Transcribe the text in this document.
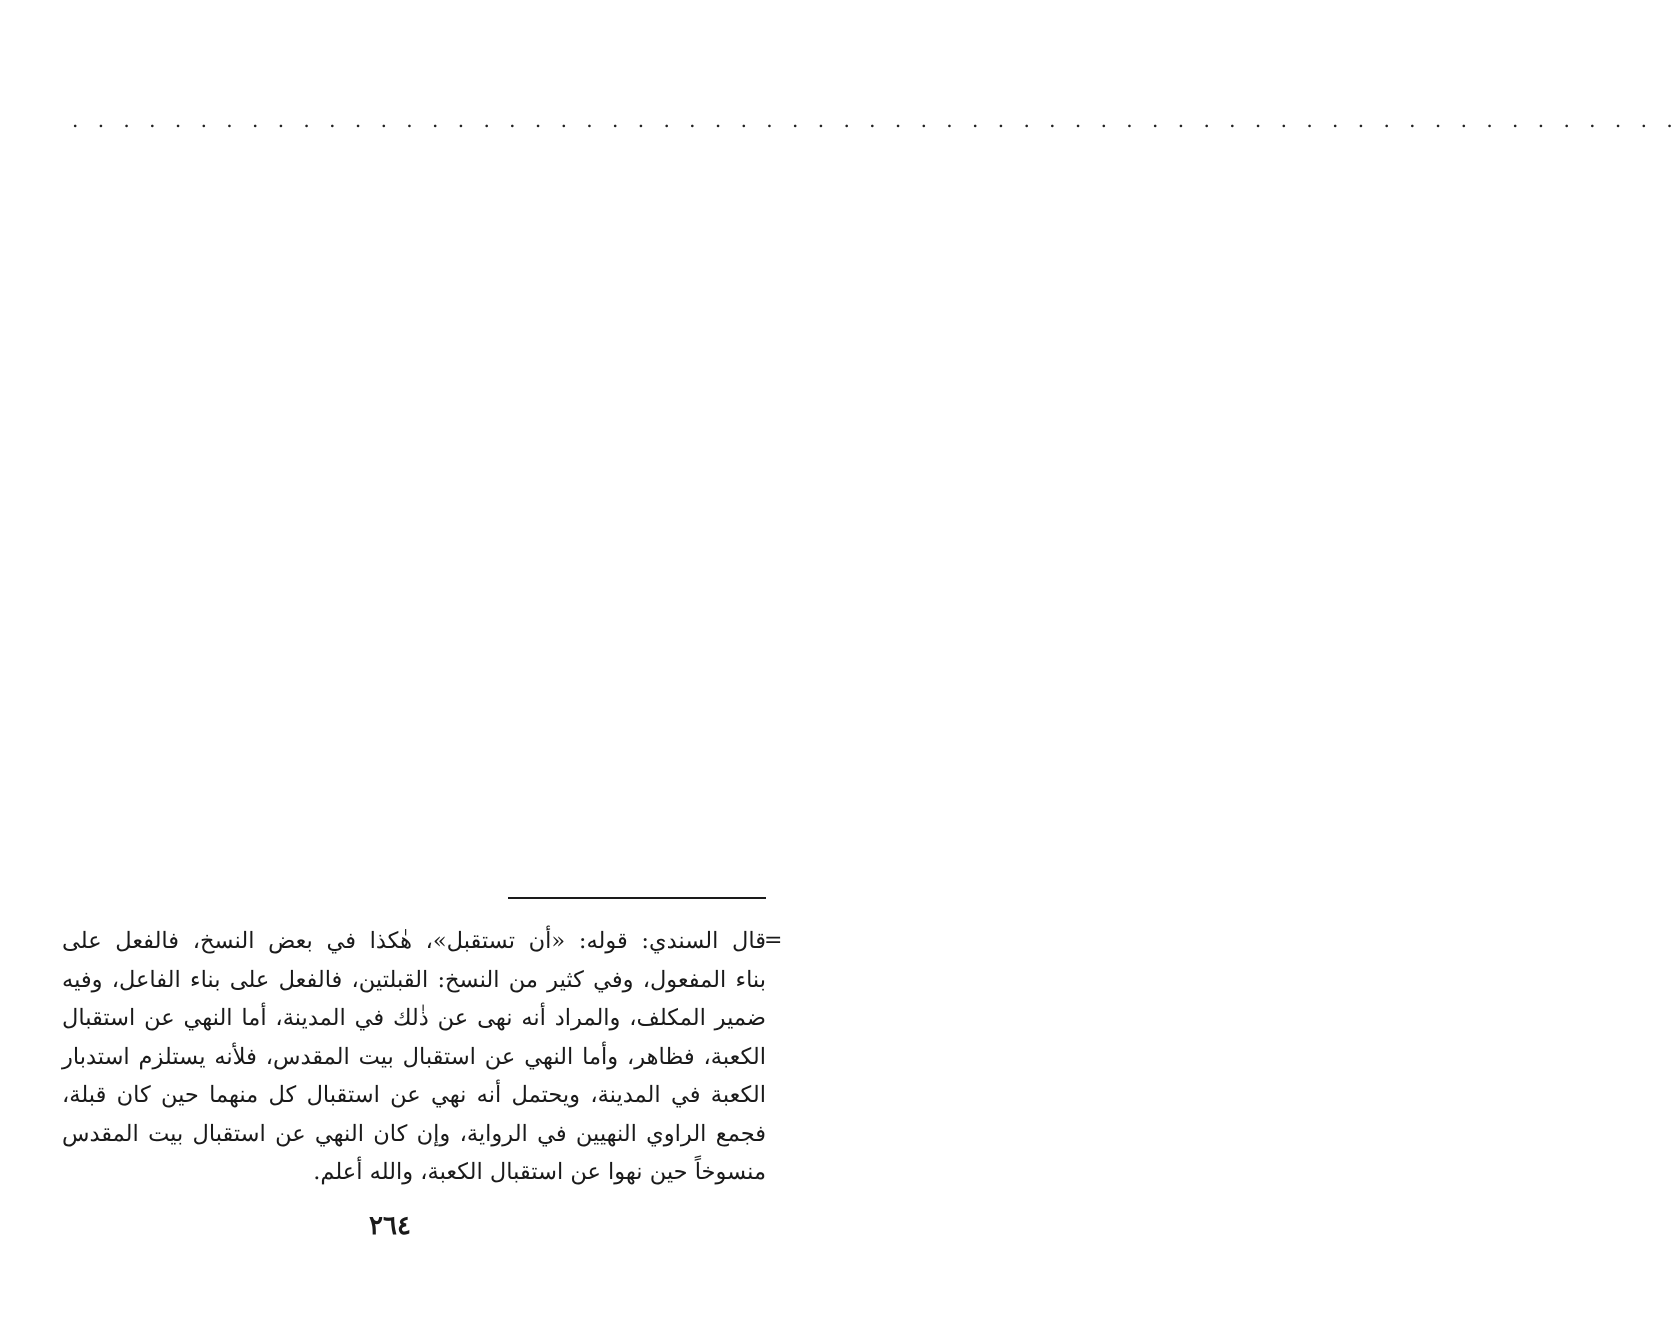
. . . . . . . . . . . . . . . . . . . . . . . . . . . . . . . . . . . . . . . . . . . . . . . . . . . . . . . . . . . . . . .
=
قال السندي: قوله: «أن تستقبل»، هٰكذا في بعض النسخ، فالفعل على
بناء المفعول، وفي كثير من النسخ: القبلتين، فالفعل على بناء الفاعل، وفيه
ضمير المكلف، والمراد أنه نهى عن ذٰلك في المدينة، أما النهي عن استقبال
الكعبة، فظاهر، وأما النهي عن استقبال بيت المقدس، فلأنه يستلزم استدبار
الكعبة في المدينة، ويحتمل أنه نهي عن استقبال كل منهما حين كان قبلة،
فجمع الراوي النهيين في الرواية، وإن كان النهي عن استقبال بيت المقدس
منسوخاً حين نهوا عن استقبال الكعبة، والله أعلم.
٢٦٤
